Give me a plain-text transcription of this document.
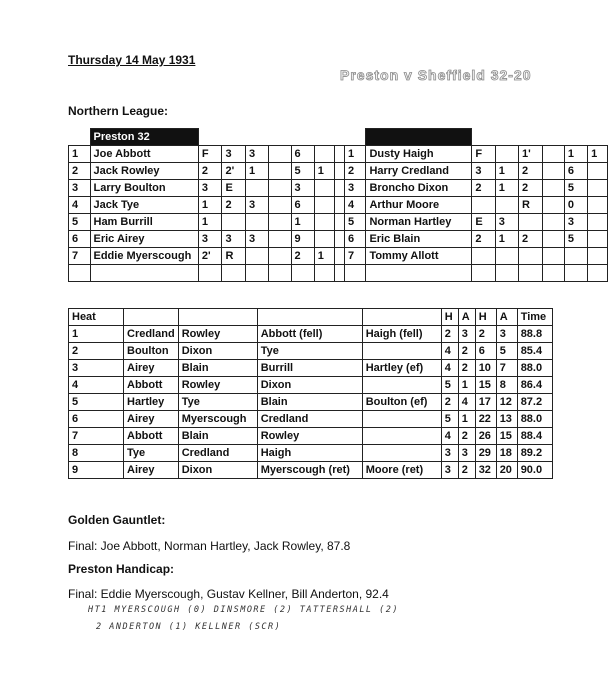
Thursday 14 May 1931
Preston v Sheffield 32-20
Northern League:
	Preston 32															
1	Joe Abbott	F	3	3		6			1	Dusty Haigh	F		1'		1	1
2	Jack Rowley	2	2'	1		5	1		2	Harry Credland	3	1	2		6	
3	Larry Boulton	3	E			3			3	Broncho Dixon	2	1	2		5	
4	Jack Tye	1	2	3		6			4	Arthur Moore			R		0	
5	Ham Burrill	1				1			5	Norman Hartley	E	3			3	
6	Eric Airey	3	3	3		9			6	Eric Blain	2	1	2		5	
7	Eddie Myerscough	2'	R			2	1		7	Tommy Allott						

Heat					H	A	H	A	Time
1	Credland	Rowley	Abbott (fell)	Haigh (fell)	2	3	2	3	88.8
2	Boulton	Dixon	Tye		4	2	6	5	85.4
3	Airey	Blain	Burrill	Hartley (ef)	4	2	10	7	88.0
4	Abbott	Rowley	Dixon		5	1	15	8	86.4
5	Hartley	Tye	Blain	Boulton (ef)	2	4	17	12	87.2
6	Airey	Myerscough	Credland		5	1	22	13	88.0
7	Abbott	Blain	Rowley		4	2	26	15	88.4
8	Tye	Credland	Haigh		3	3	29	18	89.2
9	Airey	Dixon	Myerscough (ret)	Moore (ret)	3	2	32	20	90.0
Golden Gauntlet:
Final: Joe Abbott, Norman Hartley, Jack Rowley, 87.8
Preston Handicap:
Final: Eddie Myerscough, Gustav Kellner, Bill Anderton, 92.4
HT1 MYERSCOUGH (0) DINSMORE (2) TATTERSHALL (2)
2 ANDERTON (1) KELLNER (SCR)
